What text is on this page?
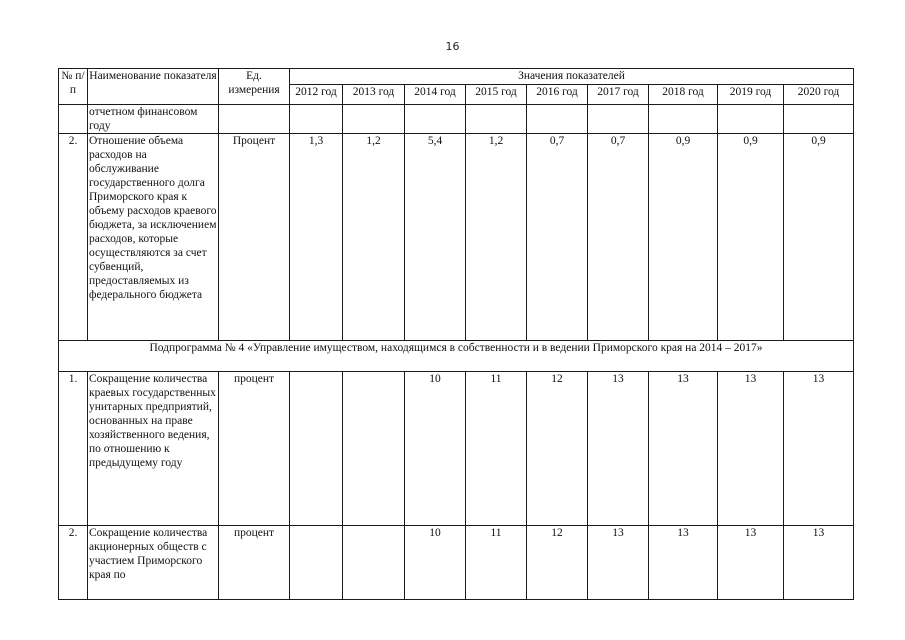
16
№ п/п	Наименование показателя	Ед. измерения	Значения показателей								
			2012 год	2013 год	2014 год	2015 год	2016 год	2017 год	2018 год	2019 год	2020 год
	отчетном финансовом году										
2.	Отношение объема расходов на обслуживание государственного долга Приморского края к объему расходов краевого бюджета, за исключением расходов, которые осуществляются за счет субвенций, предоставляемых из федерального бюджета	Процент	1,3	1,2	5,4	1,2	0,7	0,7	0,9	0,9	0,9
Подпрограмма № 4 «Управление имуществом, находящимся в собственности и в ведении Приморского края на 2014 – 2017»											
1.	Сокращение количества краевых государственных унитарных предприятий, основанных на праве хозяйственного ведения, по отношению к предыдущему году	процент			10	11	12	13	13	13	13
2.	Сокращение количества акционерных обществ с участием Приморского края по	процент			10	11	12	13	13	13	13
